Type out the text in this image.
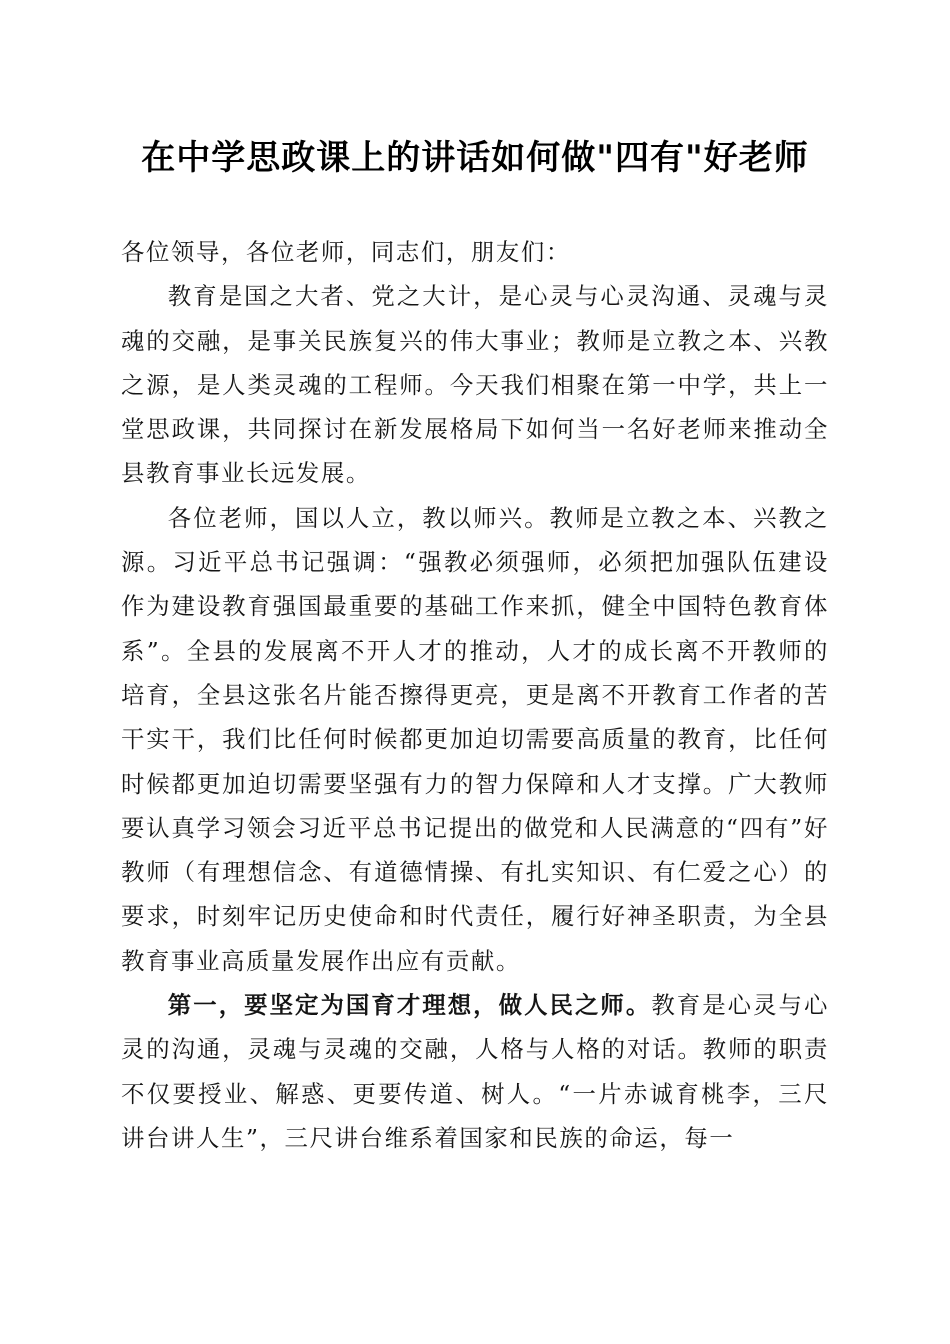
在中学思政课上的讲话如何做"四有"好老师

各位领导，各位老师，同志们，朋友们：

教育是国之大者、党之大计，是心灵与心灵沟通、灵魂与灵魂的交融，是事关民族复兴的伟大事业；教师是立教之本、兴教之源，是人类灵魂的工程师。今天我们相聚在第一中学，共上一堂思政课，共同探讨在新发展格局下如何当一名好老师来推动全县教育事业长远发展。

各位老师，国以人立，教以师兴。教师是立教之本、兴教之源。习近平总书记强调：“强教必须强师，必须把加强队伍建设作为建设教育强国最重要的基础工作来抓，健全中国特色教育体系”。全县的发展离不开人才的推动，人才的成长离不开教师的培育，全县这张名片能否擦得更亮，更是离不开教育工作者的苦干实干，我们比任何时候都更加迫切需要高质量的教育，比任何时候都更加迫切需要坚强有力的智力保障和人才支撑。广大教师要认真学习领会习近平总书记提出的做党和人民满意的“四有”好教师（有理想信念、有道德情操、有扎实知识、有仁爱之心）的要求，时刻牢记历史使命和时代责任，履行好神圣职责，为全县教育事业高质量发展作出应有贡献。

第一，要坚定为国育才理想，做人民之师。教育是心灵与心灵的沟通，灵魂与灵魂的交融，人格与人格的对话。教师的职责不仅要授业、解惑、更要传道、树人。“一片赤诚育桃李，三尺讲台讲人生”，三尺讲台维系着国家和民族的命运，每一
